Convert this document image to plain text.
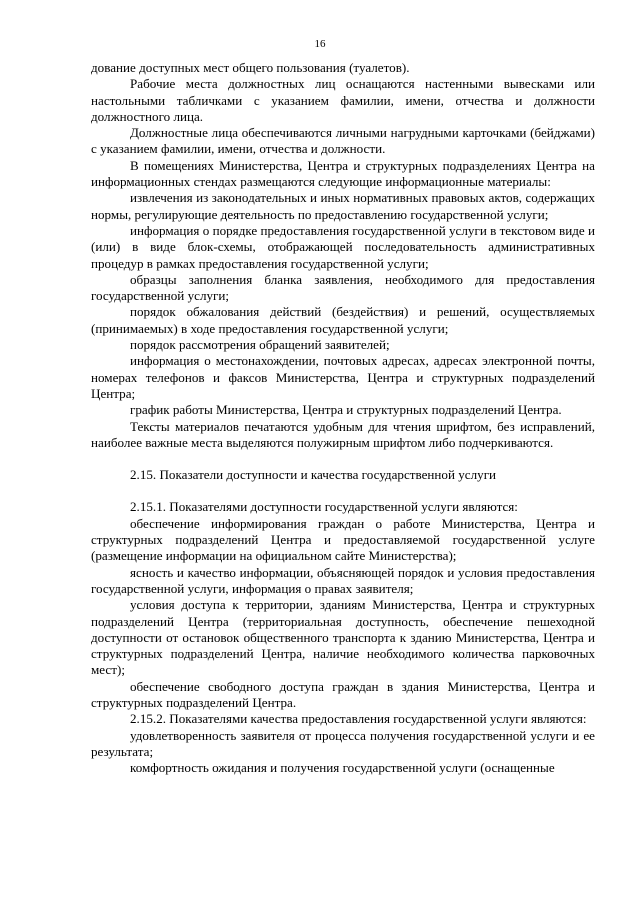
16

дование доступных мест общего пользования (туалетов).

Рабочие места должностных лиц оснащаются настенными вывесками или настольными табличками с указанием фамилии, имени, отчества и должности должностного лица.

Должностные лица обеспечиваются личными нагрудными карточками (бейджами) с указанием фамилии, имени, отчества и должности.

В помещениях Министерства, Центра и структурных подразделениях Центра на информационных стендах размещаются следующие информационные материалы:

извлечения из законодательных и иных нормативных правовых актов, содержащих нормы, регулирующие деятельность по предоставлению государственной услуги;

информация о порядке предоставления государственной услуги в текстовом виде и (или) в виде блок-схемы, отображающей последовательность административных процедур в рамках предоставления государственной услуги;

образцы заполнения бланка заявления, необходимого для предоставления государственной услуги;

порядок обжалования действий (бездействия) и решений, осуществляемых (принимаемых) в ходе предоставления государственной услуги;

порядок рассмотрения обращений заявителей;

информация о местонахождении, почтовых адресах, адресах электронной почты, номерах телефонов и факсов Министерства, Центра и структурных подразделений Центра;

график работы Министерства, Центра и структурных подразделений Центра.

Тексты материалов печатаются удобным для чтения шрифтом, без исправлений, наиболее важные места выделяются полужирным шрифтом либо подчеркиваются.

2.15. Показатели доступности и качества государственной услуги

2.15.1. Показателями доступности государственной услуги являются:

обеспечение информирования граждан о работе Министерства, Центра и структурных подразделений Центра и предоставляемой государственной услуге (размещение информации на официальном сайте Министерства);

ясность и качество информации, объясняющей порядок и условия предоставления государственной услуги, информация о правах заявителя;

условия доступа к территории, зданиям Министерства, Центра и структурных подразделений Центра (территориальная доступность, обеспечение пешеходной доступности от остановок общественного транспорта к зданию Министерства, Центра и структурных подразделений Центра, наличие необходимого количества парковочных мест);

обеспечение свободного доступа граждан в здания Министерства, Центра и структурных подразделений Центра.

2.15.2. Показателями качества предоставления государственной услуги являются:

удовлетворенность заявителя от процесса получения государственной услуги и ее результата;

комфортность ожидания и получения государственной услуги (оснащенные
